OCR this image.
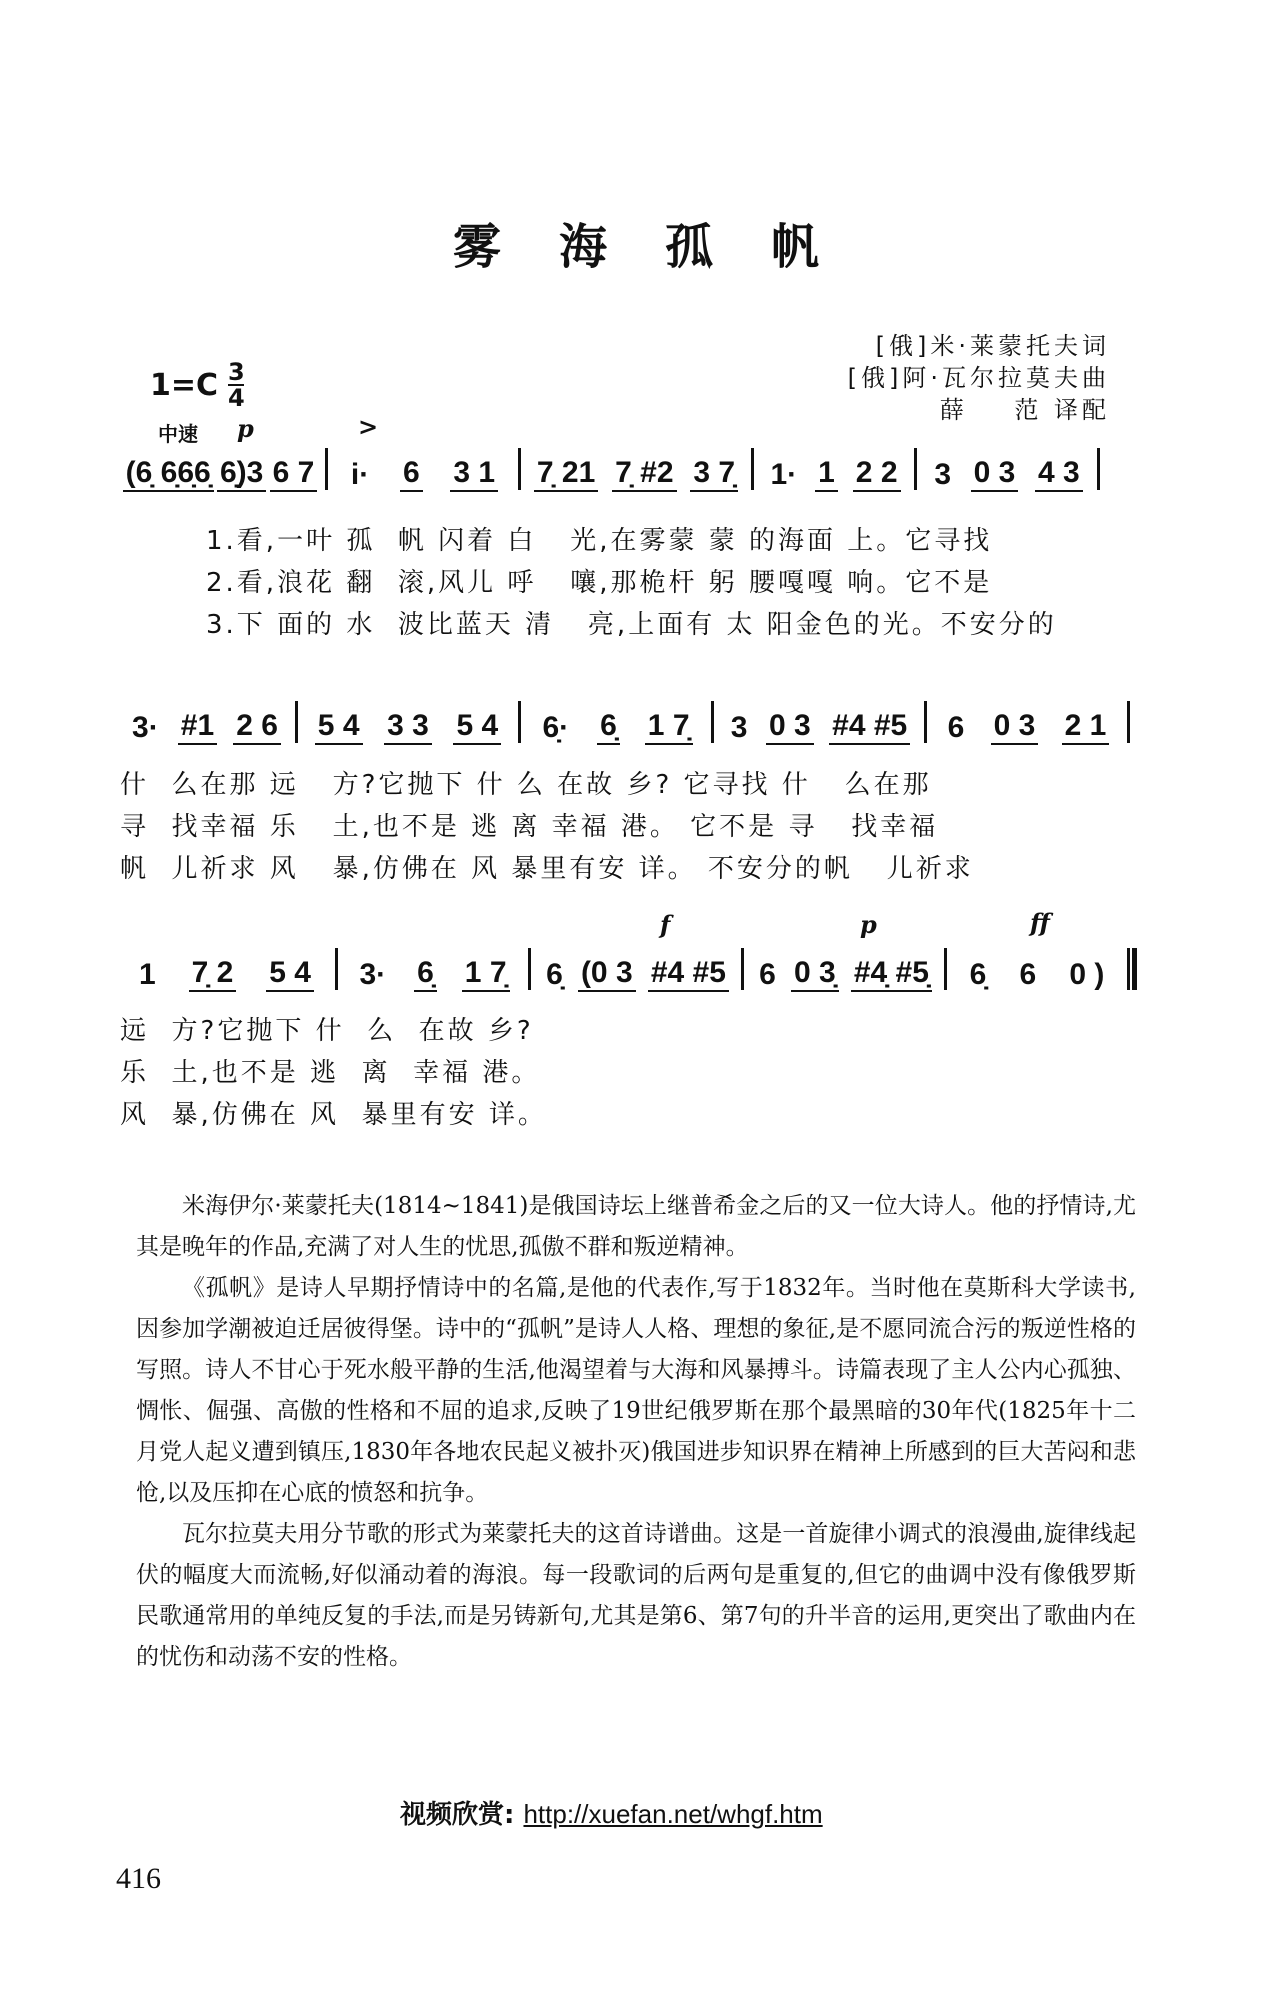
雾海孤帆
$1=C \frac{3}{4}$
中速
[俄]米·莱蒙托夫词
[俄]阿·瓦尔拉莫夫曲
薛    范 译配
p	>
(6̣ 6̣6̣6̣ 6̣)3 6 7 i· 6 3 1 7̣ 21 7̣ #2 3 7̣ 1· 1 2 2 3 0 3 4 3
1.看,一叶 孤  帆 闪着 白   光,在雾蒙 蒙 的海面 上。它寻找
2.看,浪花 翻  滚,风儿 呼   嚷,那桅杆 躬 腰嘎嘎 响。它不是
3.下 面的 水  波比蓝天 清   亮,上面有 太 阳金色的光。不安分的
3· #1 2 6 5 4 3 3 5 4 6̣· 6̣ 1 7̣ 3 0 3 #4 #5 6 0 3 2 1
什  么在那 远   方?它抛下 什 么 在故 乡? 它寻找 什   么在那
寻  找幸福 乐   土,也不是 逃 离 幸福 港。 它不是 寻   找幸福
帆  儿祈求 风   暴,仿佛在 风 暴里有安 详。 不安分的帆   儿祈求
f	p	ff
1 7̣ 2 5 4 3· 6̣ 1 7̣ 6̣ (0 3 #4 #5 6 0 3̣ #4̣ #5̣ 6̣ 6 0 )
远  方?它抛下 什  么  在故 乡?
乐  土,也不是 逃  离  幸福 港。
风  暴,仿佛在 风  暴里有安 详。

米海伊尔·莱蒙托夫(1814~1841)是俄国诗坛上继普希金之后的又一位大诗人。他的抒情诗,尤其是晚年的作品,充满了对人生的忧思,孤傲不群和叛逆精神。

《孤帆》是诗人早期抒情诗中的名篇,是他的代表作,写于1832年。当时他在莫斯科大学读书,因参加学潮被迫迁居彼得堡。诗中的“孤帆”是诗人人格、理想的象征,是不愿同流合污的叛逆性格的写照。诗人不甘心于死水般平静的生活,他渴望着与大海和风暴搏斗。诗篇表现了主人公内心孤独、惆怅、倔强、高傲的性格和不屈的追求,反映了19世纪俄罗斯在那个最黑暗的30年代(1825年十二月党人起义遭到镇压,1830年各地农民起义被扑灭)俄国进步知识界在精神上所感到的巨大苦闷和悲怆,以及压抑在心底的愤怒和抗争。

瓦尔拉莫夫用分节歌的形式为莱蒙托夫的这首诗谱曲。这是一首旋律小调式的浪漫曲,旋律线起伏的幅度大而流畅,好似涌动着的海浪。每一段歌词的后两句是重复的,但它的曲调中没有像俄罗斯民歌通常用的单纯反复的手法,而是另铸新句,尤其是第6、第7句的升半音的运用,更突出了歌曲内在的忧伤和动荡不安的性格。

视频欣赏: http://xuefan.net/whgf.htm
416
